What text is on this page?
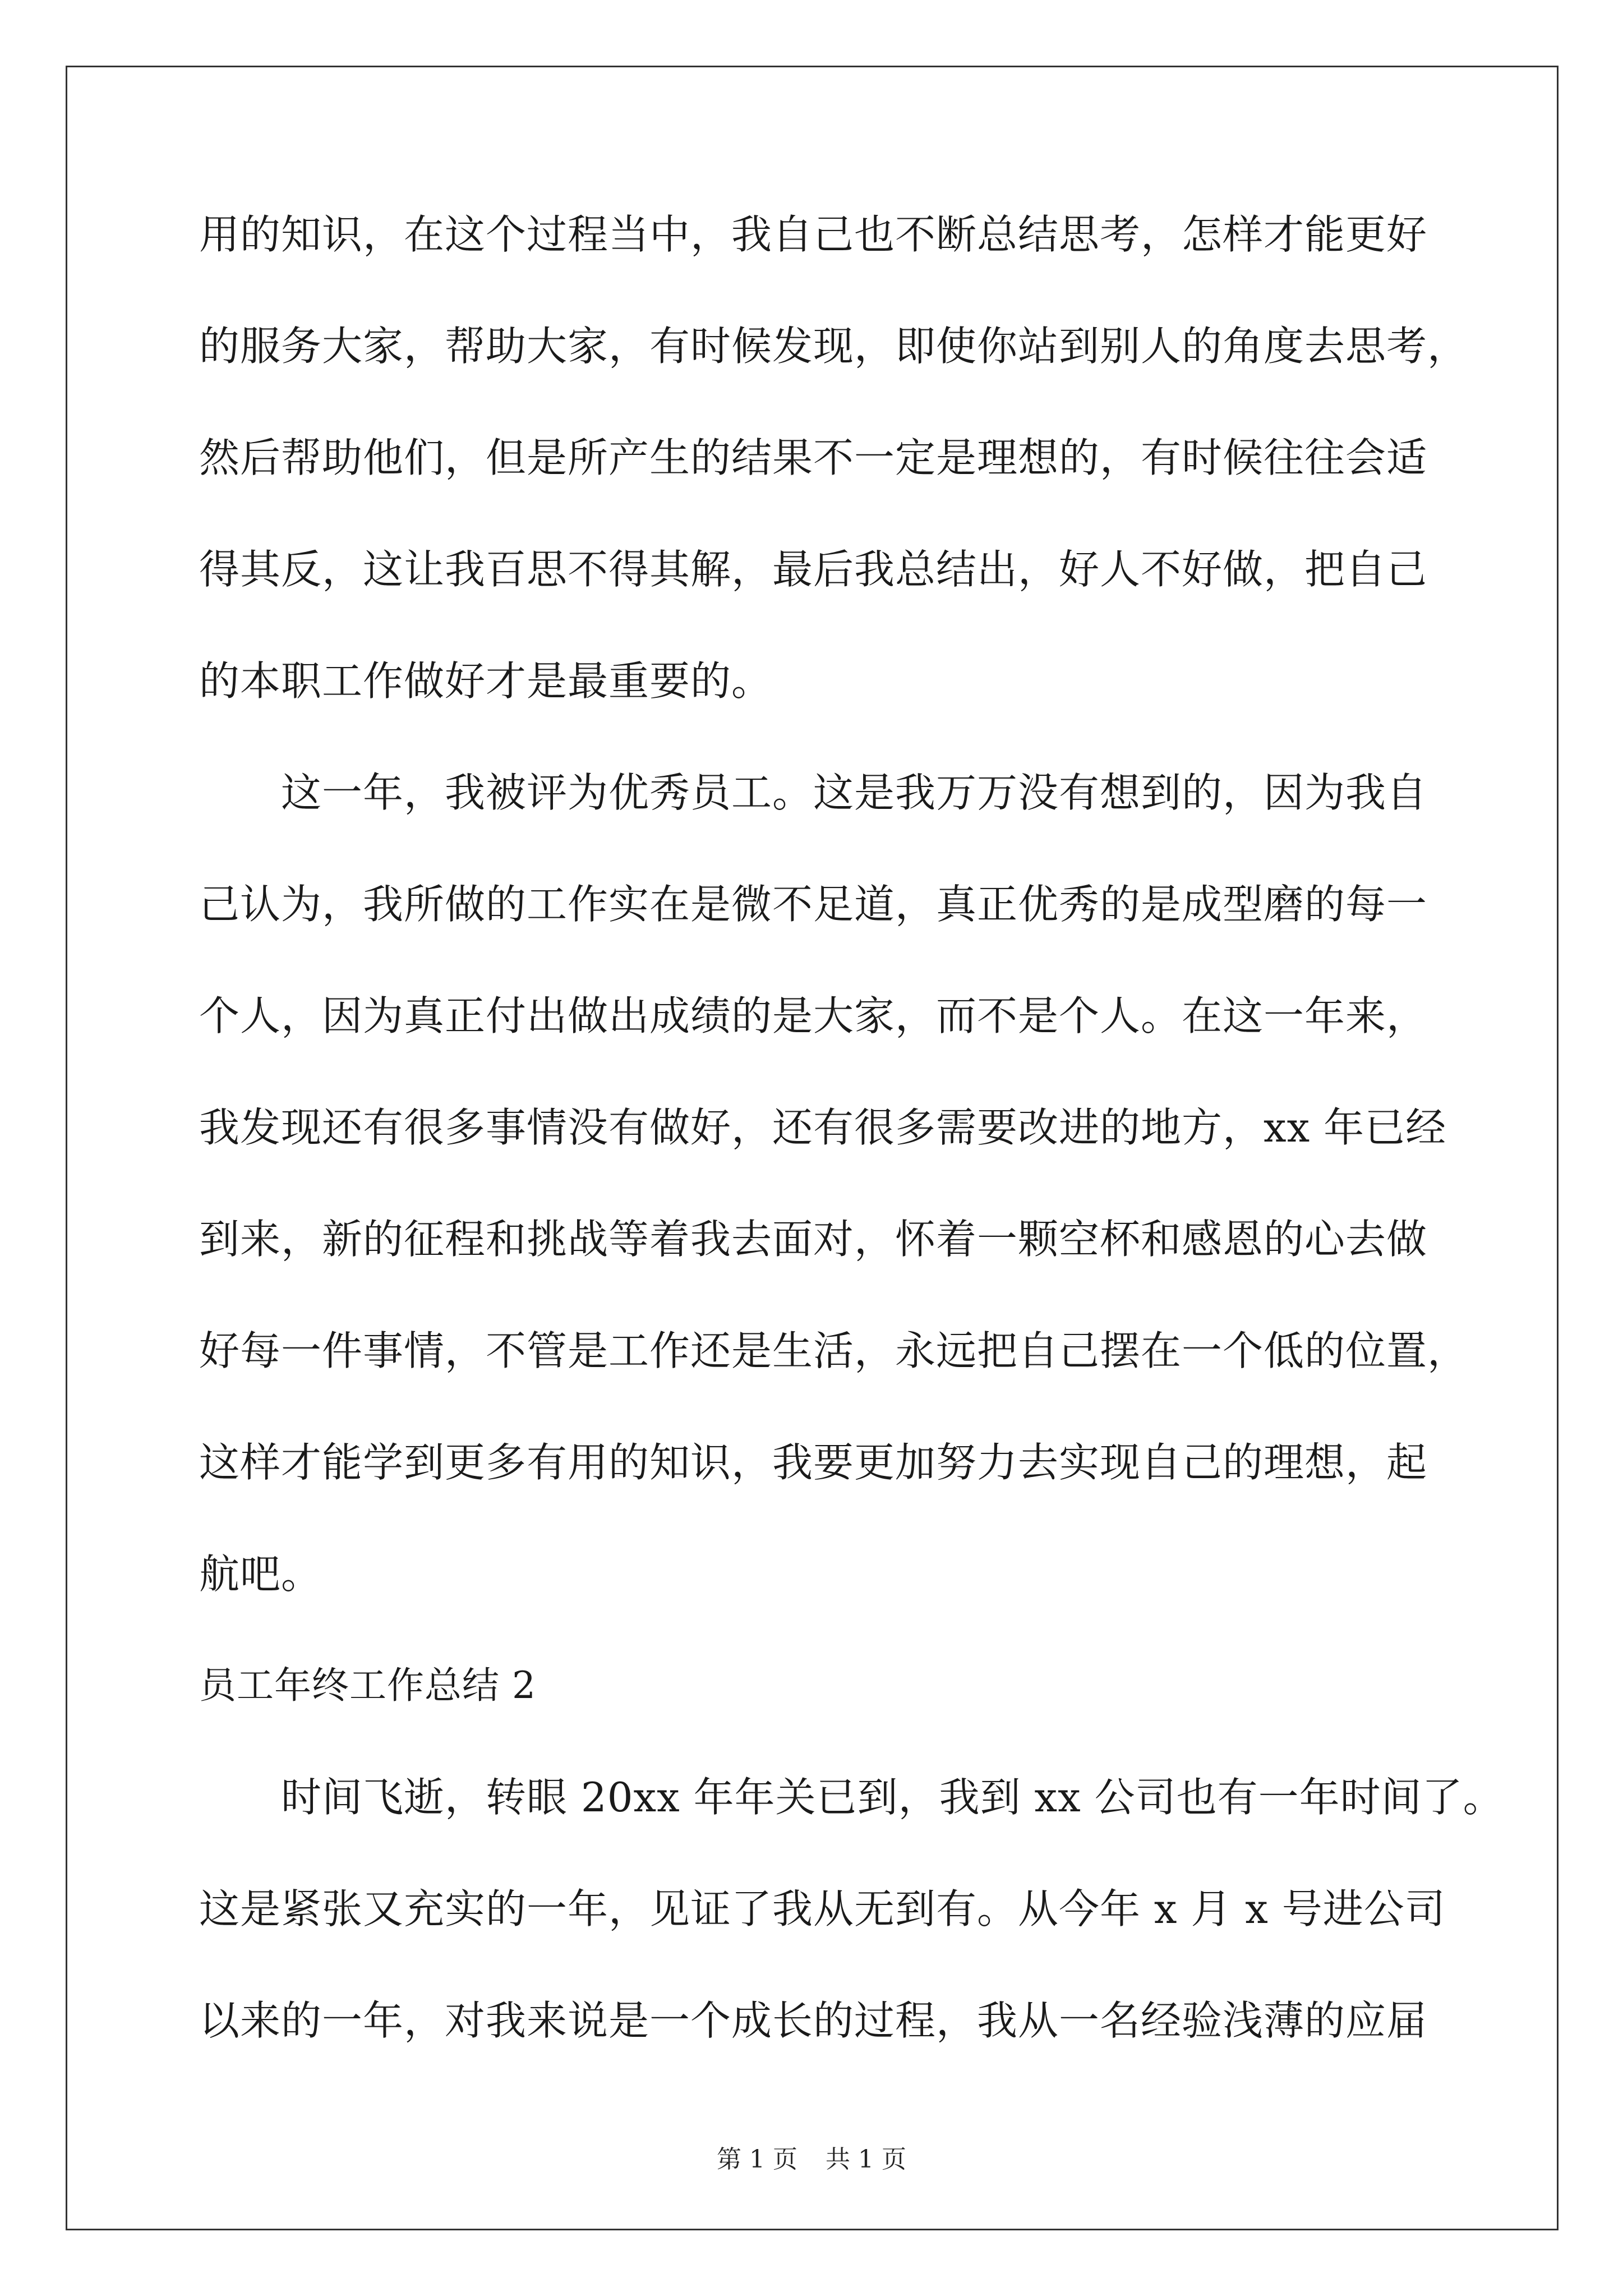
用的知识，在这个过程当中，我自己也不断总结思考，怎样才能更好
的服务大家，帮助大家，有时候发现，即使你站到别人的角度去思考，
然后帮助他们，但是所产生的结果不一定是理想的，有时候往往会适
得其反，这让我百思不得其解，最后我总结出，好人不好做，把自己
的本职工作做好才是最重要的。
　　这一年，我被评为优秀员工。这是我万万没有想到的，因为我自
己认为，我所做的工作实在是微不足道，真正优秀的是成型磨的每一
个人，因为真正付出做出成绩的是大家，而不是个人。在这一年来，
我发现还有很多事情没有做好，还有很多需要改进的地方，xx 年已经
到来，新的征程和挑战等着我去面对，怀着一颗空杯和感恩的心去做
好每一件事情，不管是工作还是生活，永远把自己摆在一个低的位置，
这样才能学到更多有用的知识，我要更加努力去实现自己的理想，起
航吧。
员工年终工作总结 2
　　时间飞逝，转眼 20xx 年年关已到，我到 xx 公司也有一年时间了。
这是紧张又充实的一年，见证了我从无到有。从今年 x 月 x 号进公司
以来的一年，对我来说是一个成长的过程，我从一名经验浅薄的应届
第 1 页 共 1 页
